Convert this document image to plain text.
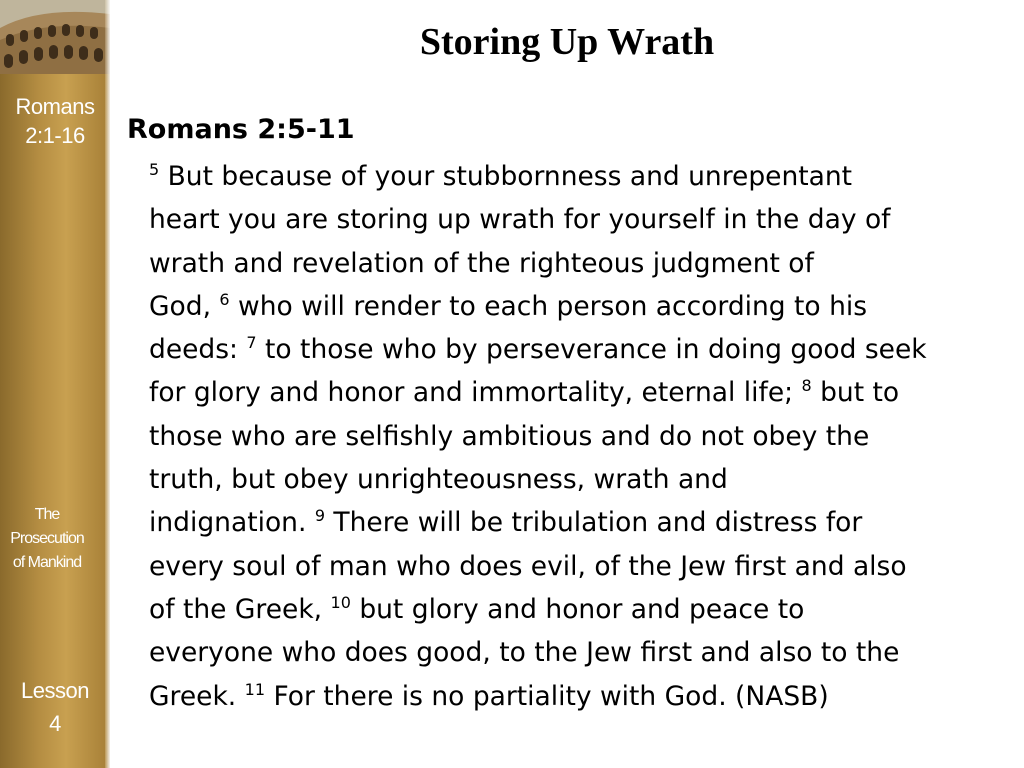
Romans
2:1-16
The
Prosecution
of Mankind
Lesson
4
Storing Up Wrath
Romans 2:5-11
$^5$ But because of your stubbornness and unrepentant
heart you are storing up wrath for yourself in the day of
wrath and revelation of the righteous judgment of
God, $^6$ who will render to each person according to his
deeds: $^7$ to those who by perseverance in doing good seek
for glory and honor and immortality, eternal life; $^8$ but to
those who are selfishly ambitious and do not obey the
truth, but obey unrighteousness, wrath and
indignation. $^9$ There will be tribulation and distress for
every soul of man who does evil, of the Jew first and also
of the Greek, $^{10}$ but glory and honor and peace to
everyone who does good, to the Jew first and also to the
Greek. $^{11}$ For there is no partiality with God. (NASB)
